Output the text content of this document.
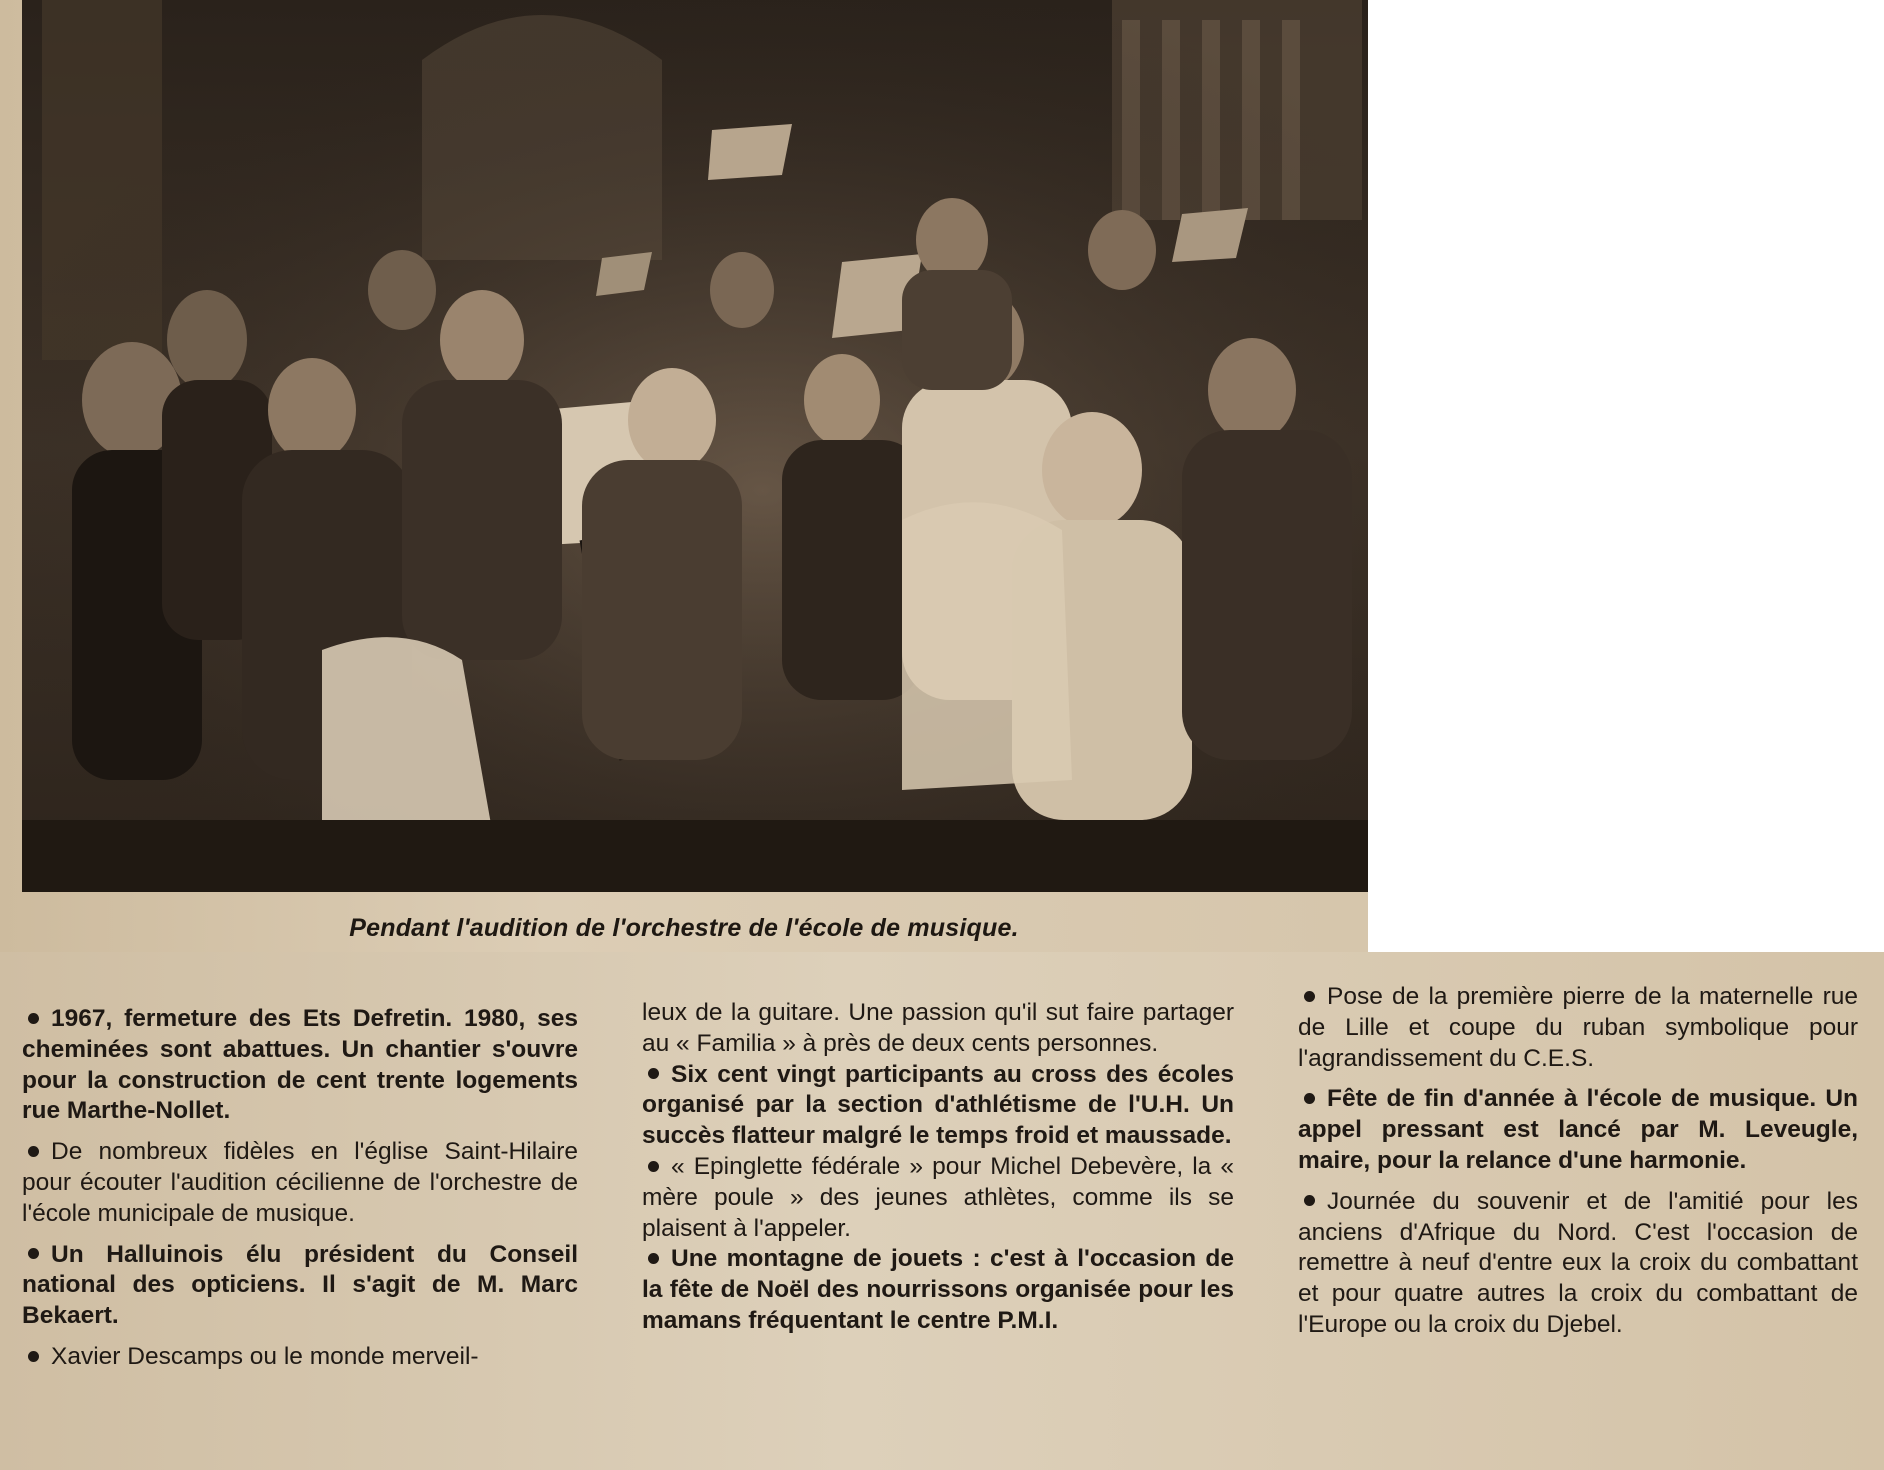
Pendant l'audition de l'orchestre de l'école de musique.

1967, fermeture des Ets Defretin. 1980, ses cheminées sont abattues. Un chantier s'ouvre pour la construction de cent trente logements rue Marthe-Nollet.

De nombreux fidèles en l'église Saint-Hilaire pour écouter l'audition cécilienne de l'orchestre de l'école municipale de musique.

Un Halluinois élu président du Conseil national des opticiens. Il s'agit de M. Marc Bekaert.

Xavier Descamps ou le monde merveil-

leux de la guitare. Une passion qu'il sut faire partager au « Familia » à près de deux cents personnes.

Six cent vingt participants au cross des écoles organisé par la section d'athlétisme de l'U.H. Un succès flatteur malgré le temps froid et maussade.

« Epinglette fédérale » pour Michel Debevère, la « mère poule » des jeunes athlètes, comme ils se plaisent à l'appeler.

Une montagne de jouets : c'est à l'occasion de la fête de Noël des nourrissons organisée pour les mamans fréquentant le centre P.M.I.

Pose de la première pierre de la maternelle rue de Lille et coupe du ruban symbolique pour l'agrandissement du C.E.S.

Fête de fin d'année à l'école de musique. Un appel pressant est lancé par M. Leveugle, maire, pour la relance d'une harmonie.

Journée du souvenir et de l'amitié pour les anciens d'Afrique du Nord. C'est l'occasion de remettre à neuf d'entre eux la croix du combattant et pour quatre autres la croix du combattant de l'Europe ou la croix du Djebel.
